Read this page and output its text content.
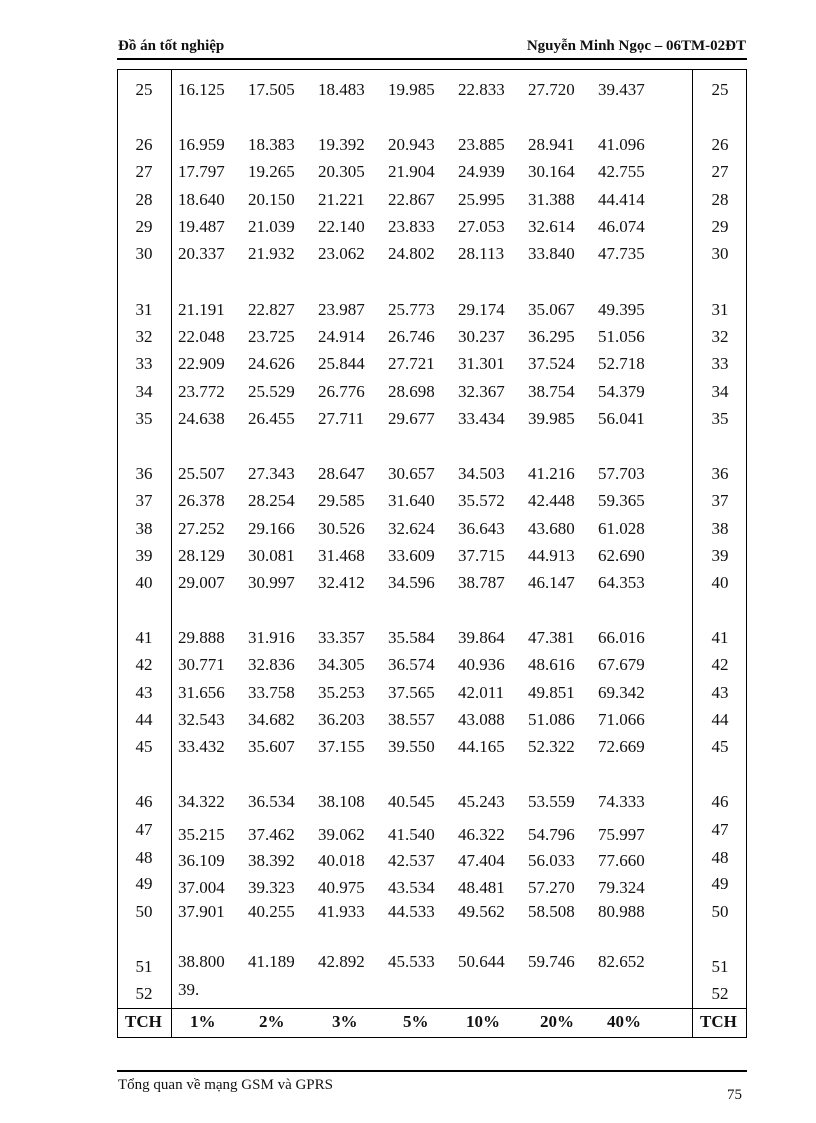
Đồ án tốt nghiệp	Nguyễn Minh Ngọc – 06TM-02ĐT
25	16.125 17.505 18.483 19.985 22.833 27.720 39.437	25
26	16.959 18.383 19.392 20.943 23.885 28.941 41.096	26
27	17.797 19.265 20.305 21.904 24.939 30.164 42.755	27
28	18.640 20.150 21.221 22.867 25.995 31.388 44.414	28
29	19.487 21.039 22.140 23.833 27.053 32.614 46.074	29
30	20.337 21.932 23.062 24.802 28.113 33.840 47.735	30
31	21.191 22.827 23.987 25.773 29.174 35.067 49.395	31
32	22.048 23.725 24.914 26.746 30.237 36.295 51.056	32
33	22.909 24.626 25.844 27.721 31.301 37.524 52.718	33
34	23.772 25.529 26.776 28.698 32.367 38.754 54.379	34
35	24.638 26.455 27.711 29.677 33.434 39.985 56.041	35
36	25.507 27.343 28.647 30.657 34.503 41.216 57.703	36
37	26.378 28.254 29.585 31.640 35.572 42.448 59.365	37
38	27.252 29.166 30.526 32.624 36.643 43.680 61.028	38
39	28.129 30.081 31.468 33.609 37.715 44.913 62.690	39
40	29.007 30.997 32.412 34.596 38.787 46.147 64.353	40
41	29.888 31.916 33.357 35.584 39.864 47.381 66.016	41
42	30.771 32.836 34.305 36.574 40.936 48.616 67.679	42
43	31.656 33.758 35.253 37.565 42.011 49.851 69.342	43
44	32.543 34.682 36.203 38.557 43.088 51.086 71.066	44
45	33.432 35.607 37.155 39.550 44.165 52.322 72.669	45
46	34.322 36.534 38.108 40.545 45.243 53.559 74.333	46
47	35.215 37.462 39.062 41.540 46.322 54.796 75.997	47
48	36.109 38.392 40.018 42.537 47.404 56.033 77.660	48
49	37.004 39.323 40.975 43.534 48.481 57.270 79.324	49
50	37.901 40.255 41.933 44.533 49.562 58.508 80.988	50
51	38.800 41.189 42.892 45.533 50.644 59.746 82.652	51
52	39.	52
TCH 1%	2%	3%	5% 10% 20% 40%	TCH
Tổng quan về mạng GSM và GPRS
75
